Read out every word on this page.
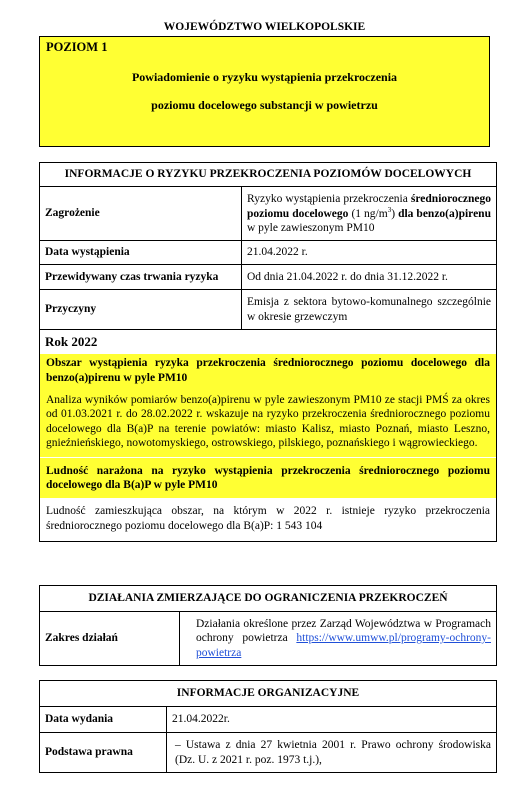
WOJEWÓDZTWO WIELKOPOLSKIE
POZIOM 1
Powiadomienie o ryzyku wystąpienia przekroczenia
poziomu docelowego substancji w powietrzu
INFORMACJE O RYZYKU PRZEKROCZENIA POZIOMÓW DOCELOWYCH	
Zagrożenie	Ryzyko wystąpienia przekroczenia średniorocznego poziomu docelowego (1 $ng/m^3$) dla benzo(a)pirenu w pyle zawieszonym PM10
Data wystąpienia	21.04.2022 r.
Przewidywany czas trwania ryzyka	Od dnia 21.04.2022 r. do dnia 31.12.2022 r.
Przyczyny	Emisja z sektora bytowo-komunalnego szczególnie w okresie grzewczym

Rok 2022
Obszar wystąpienia ryzyka przekroczenia średniorocznego poziomu docelowego dla benzo(a)pirenu w pyle PM10
Analiza wyników pomiarów benzo(a)pirenu w pyle zawieszonym PM10 ze stacji PMŚ za okres od 01.03.2021 r. do 28.02.2022 r. wskazuje na ryzyko przekroczenia średniorocznego poziomu docelowego dla B(a)P na terenie powiatów: miasto Kalisz, miasto Poznań, miasto Leszno, gnieźnieńskiego, nowotomyskiego, ostrowskiego, pilskiego, poznańskiego i wągrowieckiego.
Ludność narażona na ryzyko wystąpienia przekroczenia średniorocznego poziomu docelowego dla B(a)P w pyle PM10
Ludność zamieszkująca obszar, na którym w 2022 r. istnieje ryzyko przekroczenia średniorocznego poziomu docelowego dla B(a)P: 1 543 104	
DZIAŁANIA ZMIERZAJĄCE DO OGRANICZENIA PRZEKROCZEŃ
Zakres działań	Działania określone przez Zarząd Województwa w Programach ochrony powietrza https://www.umww.pl/programy-ochrony-powietrza
INFORMACJE ORGANIZACYJNE	
Data wydania	21.04.2022r.
Podstawa prawna	– Ustawa z dnia 27 kwietnia 2001 r. Prawo ochrony środowiska (Dz. U. z 2021 r. poz. 1973 t.j.),
